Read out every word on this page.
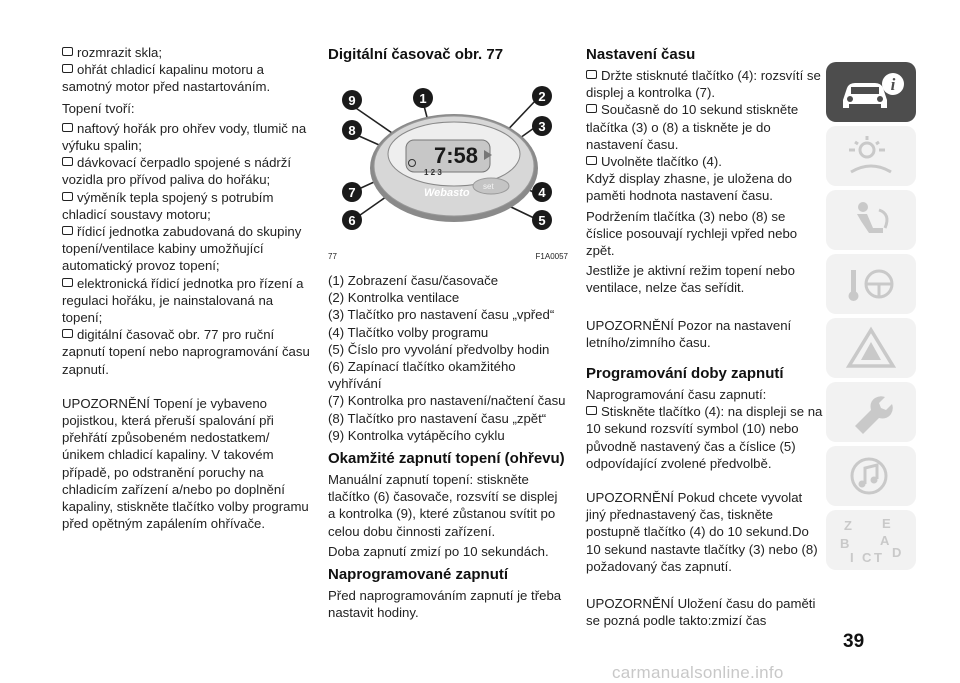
rozmrazit skla;
ohřát chladicí kapalinu motoru a samotný motor před nastartováním.

Topení tvoří:

naftový hořák pro ohřev vody, tlumič na výfuku spalin;
dávkovací čerpadlo spojené s nádrží vozidla pro přívod paliva do hořáku;
výměník tepla spojený s potrubím chladicí soustavy motoru;
řídicí jednotka zabudovaná do skupiny topení/ventilace kabiny umožňující automatický provoz topení;
elektronická řídicí jednotka pro řízení a regulaci hořáku, je nainstalovaná na topení;
digitální časovač obr. 77 pro ruční zapnutí topení nebo naprogramování času zapnutí.

UPOZORNĚNÍ Topení je vybaveno pojistkou, která přeruší spalování při přehřátí způsobeném nedostatkem/únikem chladicí kapaliny. V takovém případě, po odstranění poruchy na chladicím zařízení a/nebo po doplnění kapaliny, stiskněte tlačítko volby programu před opětným zapálením ohřívače.

Digitální časovač obr. 77
7:58
1 2 3
set
Webasto
1	2
3
4
5
6
7
8
9
77	F1A0057

(1) Zobrazení času/časovače

(2) Kontrolka ventilace

(3) Tlačítko pro nastavení času „vpřed“

(4) Tlačítko volby programu

(5) Číslo pro vyvolání předvolby hodin

(6) Zapínací tlačítko okamžitého vyhřívání

(7) Kontrolka pro nastavení/načtení času

(8) Tlačítko pro nastavení času „zpět“

(9) Kontrolka vytápěcího cyklu

Okamžité zapnutí topení (ohřevu)

Manuální zapnutí topení: stiskněte tlačítko (6) časovače, rozsvítí se displej a kontrolka (9), které zůstanou svítit po celou dobu činnosti zařízení.

Doba zapnutí zmizí po 10 sekundách.

Naprogramované zapnutí

Před naprogramováním zapnutí je třeba nastavit hodiny.

Nastavení času
Držte stisknuté tlačítko (4): rozsvítí se displej a kontrolka (7).
Současně do 10 sekund stiskněte tlačítka (3) o (8) a tiskněte je do nastavení času.
Uvolněte tlačítko (4).

Když display zhasne, je uložena do paměti hodnota nastavení času.

Podržením tlačítka (3) nebo (8) se číslice posouvají rychleji vpřed nebo zpět.

Jestliže je aktivní režim topení nebo ventilace, nelze čas seřídit.

UPOZORNĚNÍ Pozor na nastavení letního/zimního času.

Programování doby zapnutí

Naprogramování času zapnutí:

Stiskněte tlačítko (4): na displeji se na 10 sekund rozsvítí symbol (10) nebo původně nastavený čas a číslice (5) odpovídající zvolené předvolbě.

UPOZORNĚNÍ Pokud chcete vyvolat jiný přednastavený čas, tiskněte postupně tlačítko (4) do 10 sekund.Do 10 sekund nastavte tlačítky (3) nebo (8) požadovaný čas zapnutí.

UPOZORNĚNÍ Uložení času do paměti se pozná podle takto:zmizí čas

i
Z E
B A
I C T D
39
carmanualsonline.info
